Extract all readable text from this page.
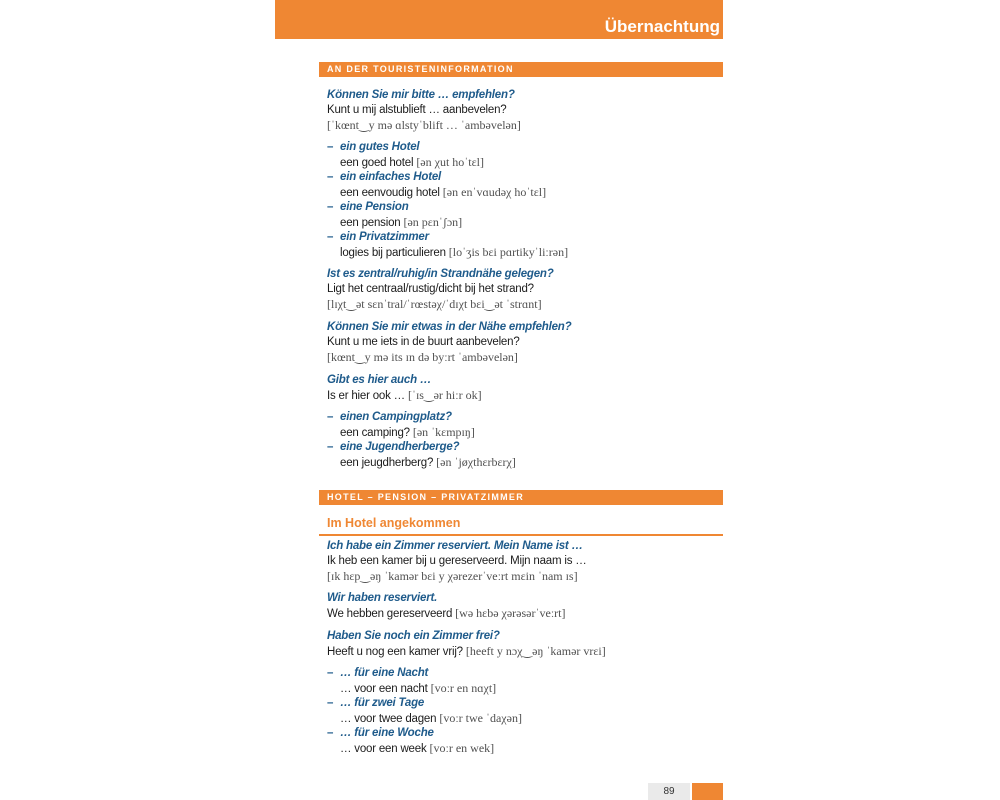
Übernachtung
AN DER TOURISTENINFORMATION
Können Sie mir bitte … empfehlen?
Kunt u mij alstublieft … aanbevelen?
[ˈkœnt‿y mə ɑlstyˈblift … ˈambəvelən]
– ein gutes Hotel
een goed hotel [ən χut hoˈtɛl]
– ein einfaches Hotel
een eenvoudig hotel [ən enˈvɑudəχ hoˈtɛl]
– eine Pension
een pension [ən pɛnˈʃɔn]
– ein Privatzimmer
logies bij particulieren [loˈʒis bɛi pɑrtikyˈliːrən]
Ist es zentral/ruhig/in Strandnähe gelegen?
Ligt het centraal/rustig/dicht bij het strand?
[lɪχt‿ət sɛnˈtral/ˈrœstəχ/ˈdɪχt bɛi‿ət ˈstrɑnt]
Können Sie mir etwas in der Nähe empfehlen?
Kunt u me iets in de buurt aanbevelen?
[kœnt‿y mə its ɪn də byːrt ˈambəvelən]
Gibt es hier auch …
Is er hier ook … [ˈɪs‿ər hiːr ok]
– einen Campingplatz?
een camping? [ən ˈkɛmpɪŋ]
– eine Jugendherberge?
een jeugdherberg? [ən ˈjøχthɛrbɛrχ]
HOTEL – PENSION – PRIVATZIMMER
Im Hotel angekommen
Ich habe ein Zimmer reserviert. Mein Name ist …
Ik heb een kamer bij u gereserveerd. Mijn naam is …
[ɪk hɛp‿əŋ ˈkamər bɛi y χərezerˈveːrt mɛin ˈnam ɪs]
Wir haben reserviert.
We hebben gereserveerd [wə hɛbə χərəsərˈveːrt]
Haben Sie noch ein Zimmer frei?
Heeft u nog een kamer vrij? [heeft y nɔχ‿əŋ ˈkamər vrɛi]
– … für eine Nacht
… voor een nacht [voːr en nɑχt]
– … für zwei Tage
… voor twee dagen [voːr twe ˈdaχən]
– … für eine Woche
… voor een week [voːr en wek]
89
